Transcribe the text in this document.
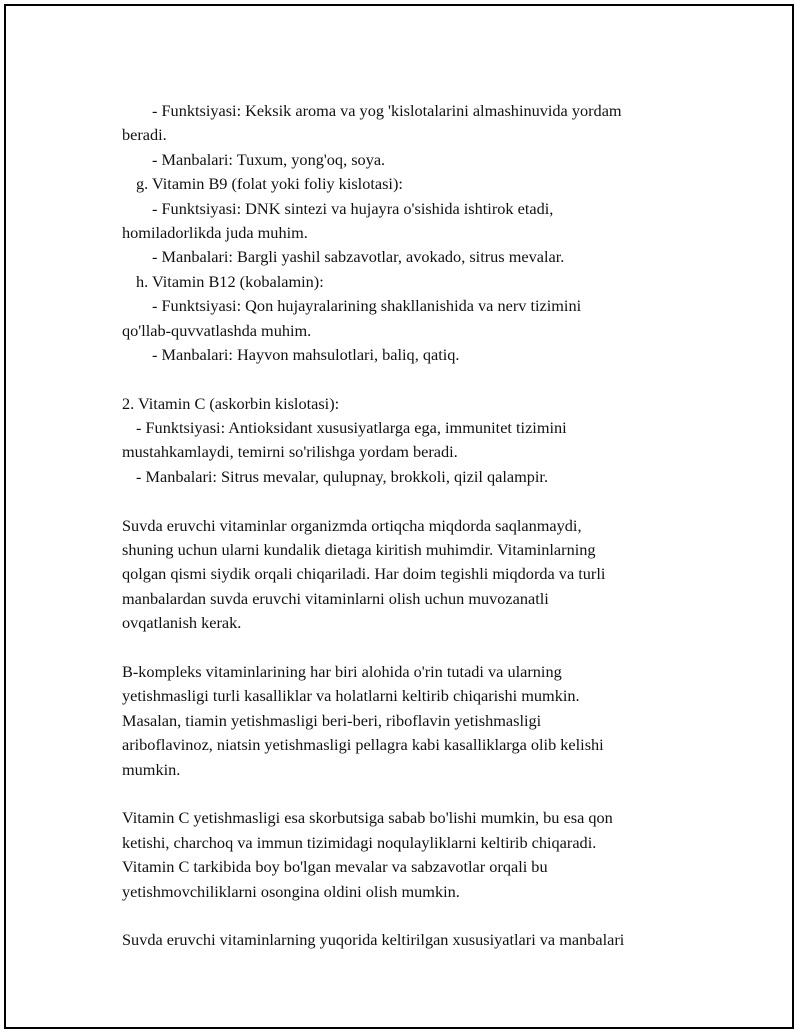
- Funktsiyasi: Keksik aroma va yog 'kislotalarini almashinuvida yordam
beradi.
- Manbalari: Tuxum, yong'oq, soya.
g. Vitamin B9 (folat yoki foliy kislotasi):
- Funktsiyasi: DNK sintezi va hujayra o'sishida ishtirok etadi,
homiladorlikda juda muhim.
- Manbalari: Bargli yashil sabzavotlar, avokado, sitrus mevalar.
h. Vitamin B12 (kobalamin):
- Funktsiyasi: Qon hujayralarining shakllanishida va nerv tizimini
qo'llab-quvvatlashda muhim.
- Manbalari: Hayvon mahsulotlari, baliq, qatiq.
2. Vitamin C (askorbin kislotasi):
- Funktsiyasi: Antioksidant xususiyatlarga ega, immunitet tizimini
mustahkamlaydi, temirni so'rilishga yordam beradi.
- Manbalari: Sitrus mevalar, qulupnay, brokkoli, qizil qalampir.
Suvda eruvchi vitaminlar organizmda ortiqcha miqdorda saqlanmaydi,
shuning uchun ularni kundalik dietaga kiritish muhimdir. Vitaminlarning
qolgan qismi siydik orqali chiqariladi. Har doim tegishli miqdorda va turli
manbalardan suvda eruvchi vitaminlarni olish uchun muvozanatli
ovqatlanish kerak.
B-kompleks vitaminlarining har biri alohida o'rin tutadi va ularning
yetishmasligi turli kasalliklar va holatlarni keltirib chiqarishi mumkin.
Masalan, tiamin yetishmasligi beri-beri, riboflavin yetishmasligi
ariboflavinoz, niatsin yetishmasligi pellagra kabi kasalliklarga olib kelishi
mumkin.
Vitamin C yetishmasligi esa skorbutsiga sabab bo'lishi mumkin, bu esa qon
ketishi, charchoq va immun tizimidagi noqulayliklarni keltirib chiqaradi.
Vitamin C tarkibida boy bo'lgan mevalar va sabzavotlar orqali bu
yetishmovchiliklarni osongina oldini olish mumkin.
Suvda eruvchi vitaminlarning yuqorida keltirilgan xususiyatlari va manbalari
